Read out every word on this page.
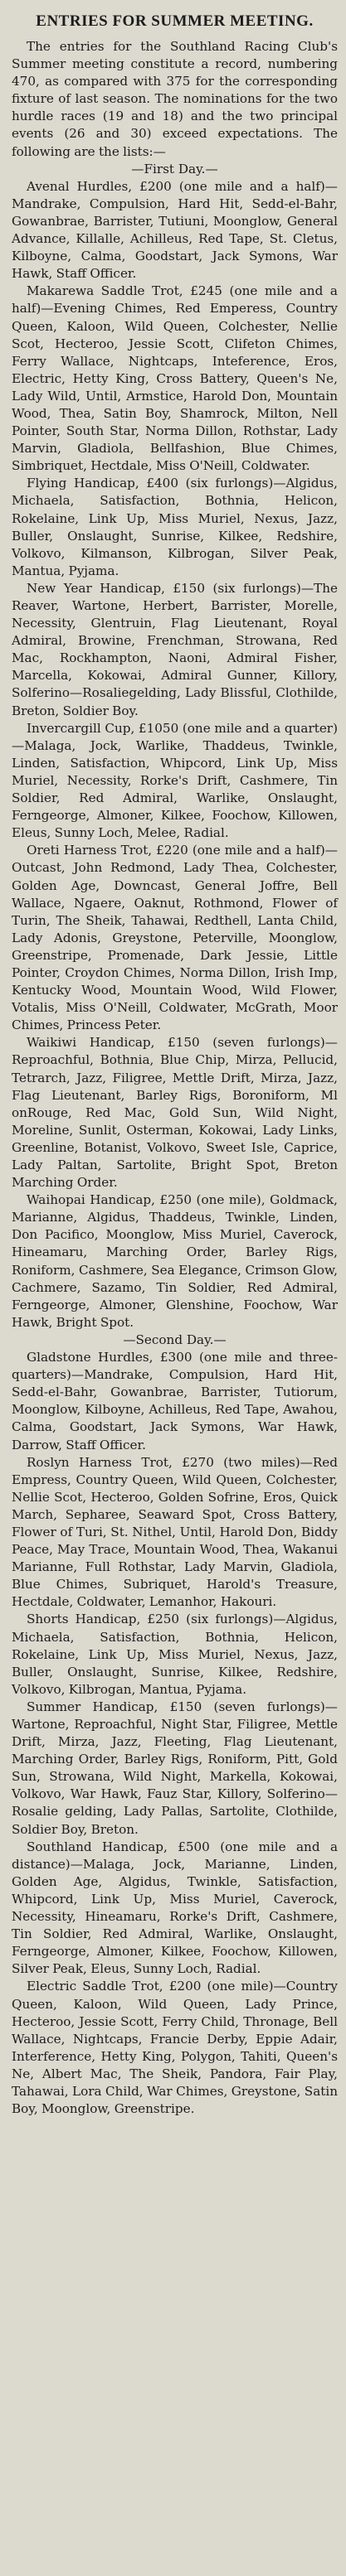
ENTRIES FOR SUMMER MEETING.

The entries for the Southland Racing Club's Summer meeting constitute a record, numbering 470, as compared with 375 for the corresponding fixture of last season. The nominations for the two hurdle races (19 and 18) and the two principal events (26 and 30) exceed expectations. The following are the lists:—

—First Day.—

Avenal Hurdles, £200 (one mile and a half)—Mandrake, Compulsion, Hard Hit, Sedd-el-Bahr, Gowanbrae, Barrister, Tutiuni, Moonglow, General Advance, Killalle, Achilleus, Red Tape, St. Cletus, Kilboyne, Calma, Goodstart, Jack Symons, War Hawk, Staff Officer.

Makarewa Saddle Trot, £245 (one mile and a half)—Evening Chimes, Red Emperess, Country Queen, Kaloon, Wild Queen, Colchester, Nellie Scot, Hecteroo, Jessie Scott, Clifeton Chimes, Ferry Wallace, Nightcaps, Inteference, Eros, Electric, Hetty King, Cross Battery, Queen's Ne, Lady Wild, Until, Armstice, Harold Don, Mountain Wood, Thea, Satin Boy, Shamrock, Milton, Nell Pointer, South Star, Norma Dillon, Rothstar, Lady Marvin, Gladiola, Bellfashion, Blue Chimes, Simbriquet, Hectdale, Miss O'Neill, Coldwater.

Flying Handicap, £400 (six furlongs)—Algidus, Michaela, Satisfaction, Bothnia, Helicon, Rokelaine, Link Up, Miss Muriel, Nexus, Jazz, Buller, Onslaught, Sunrise, Kilkee, Redshire, Volkovo, Kilmanson, Kilbrogan, Silver Peak, Mantua, Pyjama.

New Year Handicap, £150 (six furlongs)—The Reaver, Wartone, Herbert, Barrister, Morelle, Necessity, Glentruin, Flag Lieutenant, Royal Admiral, Browine, Frenchman, Strowana, Red Mac, Rockhampton, Naoni, Admiral Fisher, Marcella, Kokowai, Admiral Gunner, Killory, Solferino—Rosaliegelding, Lady Blissful, Clothilde, Breton, Soldier Boy.

Invercargill Cup, £1050 (one mile and a quarter)—Malaga, Jock, Warlike, Thaddeus, Twinkle, Linden, Satisfaction, Whipcord, Link Up, Miss Muriel, Necessity, Rorke's Drift, Cashmere, Tin Soldier, Red Admiral, Warlike, Onslaught, Ferngeorge, Almoner, Kilkee, Foochow, Killowen, Eleus, Sunny Loch, Melee, Radial.

Oreti Harness Trot, £220 (one mile and a half)—Outcast, John Redmond, Lady Thea, Colchester, Golden Age, Downcast, General Joffre, Bell Wallace, Ngaere, Oaknut, Rothmond, Flower of Turin, The Sheik, Tahawai, Redthell, Lanta Child, Lady Adonis, Greystone, Peterville, Moonglow, Greenstripe, Promenade, Dark Jessie, Little Pointer, Croydon Chimes, Norma Dillon, Irish Imp, Kentucky Wood, Mountain Wood, Wild Flower, Votalis, Miss O'Neill, Coldwater, McGrath, Moor Chimes, Princess Peter.

Waikiwi Handicap, £150 (seven furlongs)—Reproachful, Bothnia, Blue Chip, Mirza, Pellucid, Tetrarch, Jazz, Filigree, Mettle Drift, Mirza, Jazz, Flag Lieutenant, Barley Rigs, Boroniform, Ml onRouge, Red Mac, Gold Sun, Wild Night, Moreline, Sunlit, Osterman, Kokowai, Lady Links, Greenline, Botanist, Volkovo, Sweet Isle, Caprice, Lady Paltan, Sartolite, Bright Spot, Breton Marching Order.

Waihopai Handicap, £250 (one mile), Goldmack, Marianne, Algidus, Thaddeus, Twinkle, Linden, Don Pacifico, Moonglow, Miss Muriel, Caverock, Hineamaru, Marching Order, Barley Rigs, Roniform, Cashmere, Sea Elegance, Crimson Glow, Cachmere, Sazamo, Tin Soldier, Red Admiral, Ferngeorge, Almoner, Glenshine, Foochow, War Hawk, Bright Spot.

—Second Day.—

Gladstone Hurdles, £300 (one mile and three-quarters)—Mandrake, Compulsion, Hard Hit, Sedd-el-Bahr, Gowanbrae, Barrister, Tutiorum, Moonglow, Kilboyne, Achilleus, Red Tape, Awahou, Calma, Goodstart, Jack Symons, War Hawk, Darrow, Staff Officer.

Roslyn Harness Trot, £270 (two miles)—Red Empress, Country Queen, Wild Queen, Colchester, Nellie Scot, Hecteroo, Golden Sofrine, Eros, Quick March, Sepharee, Seaward Spot, Cross Battery, Flower of Turi, St. Nithel, Until, Harold Don, Biddy Peace, May Trace, Mountain Wood, Thea, Wakanui Marianne, Full Rothstar, Lady Marvin, Gladiola, Blue Chimes, Subriquet, Harold's Treasure, Hectdale, Coldwater, Lemanhor, Hakouri.

Shorts Handicap, £250 (six furlongs)—Algidus, Michaela, Satisfaction, Bothnia, Helicon, Rokelaine, Link Up, Miss Muriel, Nexus, Jazz, Buller, Onslaught, Sunrise, Kilkee, Redshire, Volkovo, Kilbrogan, Mantua, Pyjama.

Summer Handicap, £150 (seven furlongs)—Wartone, Reproachful, Night Star, Filigree, Mettle Drift, Mirza, Jazz, Fleeting, Flag Lieutenant, Marching Order, Barley Rigs, Roniform, Pitt, Gold Sun, Strowana, Wild Night, Markella, Kokowai, Volkovo, War Hawk, Fauz Star, Killory, Solferino—Rosalie gelding, Lady Pallas, Sartolite, Clothilde, Soldier Boy, Breton.

Southland Handicap, £500 (one mile and a distance)—Malaga, Jock, Marianne, Linden, Golden Age, Algidus, Twinkle, Satisfaction, Whipcord, Link Up, Miss Muriel, Caverock, Necessity, Hineamaru, Rorke's Drift, Cashmere, Tin Soldier, Red Admiral, Warlike, Onslaught, Ferngeorge, Almoner, Kilkee, Foochow, Killowen, Silver Peak, Eleus, Sunny Loch, Radial.

Electric Saddle Trot, £200 (one mile)—Country Queen, Kaloon, Wild Queen, Lady Prince, Hecteroo, Jessie Scott, Ferry Child, Thronage, Bell Wallace, Nightcaps, Francie Derby, Eppie Adair, Interference, Hetty King, Polygon, Tahiti, Queen's Ne, Albert Mac, The Sheik, Pandora, Fair Play, Tahawai, Lora Child, War Chimes, Greystone, Satin Boy, Moonglow, Greenstripe.
